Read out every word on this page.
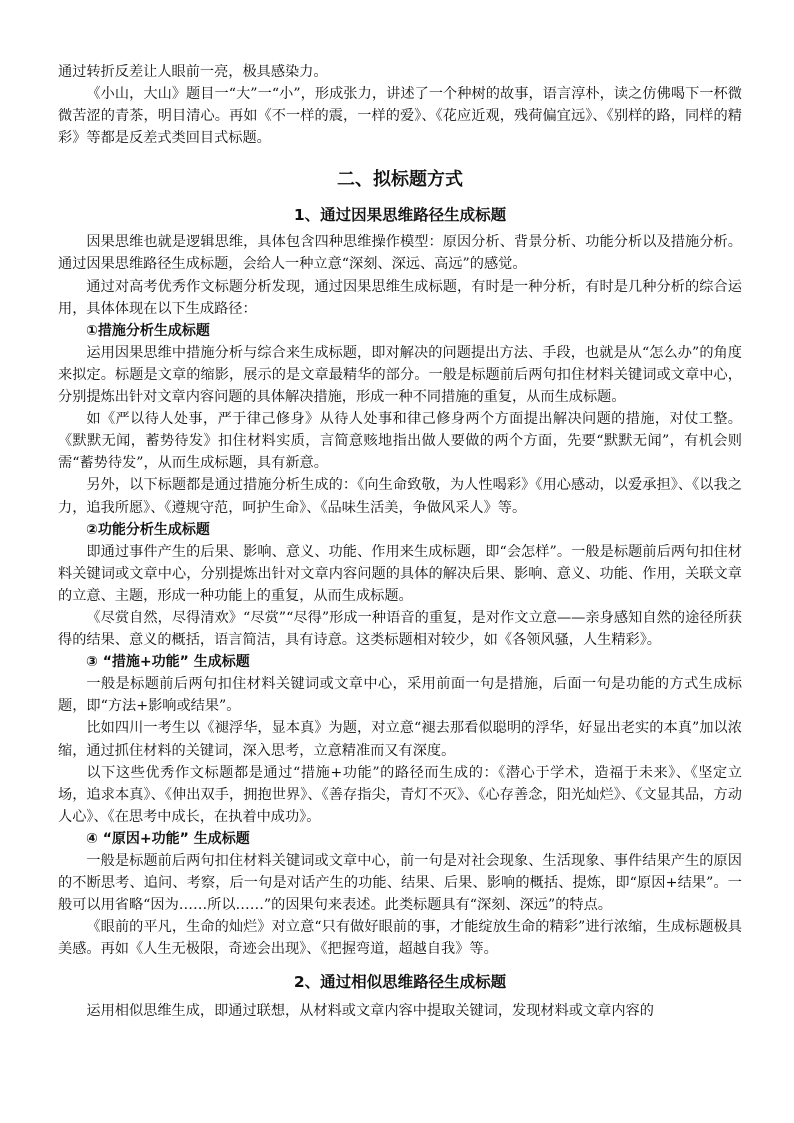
通过转折反差让人眼前一亮，极具感染力。

《小山，大山》题目一“大”一“小”，形成张力，讲述了一个种树的故事，语言淳朴，读之仿佛喝下一杯微微苦涩的青茶，明目清心。再如《不一样的震，一样的爱》、《花应近观，残荷偏宜远》、《别样的路，同样的精彩》等都是反差式类回目式标题。

二、拟标题方式
1、通过因果思维路径生成标题

因果思维也就是逻辑思维，具体包含四种思维操作模型：原因分析、背景分析、功能分析以及措施分析。通过因果思维路径生成标题，会给人一种立意“深刻、深远、高远”的感觉。

通过对高考优秀作文标题分析发现，通过因果思维生成标题，有时是一种分析，有时是几种分析的综合运用，具体体现在以下生成路径：

①措施分析生成标题

运用因果思维中措施分析与综合来生成标题，即对解决的问题提出方法、手段，也就是从“怎么办”的角度来拟定。标题是文章的缩影，展示的是文章最精华的部分。一般是标题前后两句扣住材料关键词或文章中心，分别提炼出针对文章内容问题的具体解决措施，形成一种不同措施的重复，从而生成标题。

如《严以待人处事，严于律己修身》从待人处事和律己修身两个方面提出解决问题的措施，对仗工整。《默默无闻，蓄势待发》扣住材料实质，言简意赅地指出做人要做的两个方面，先要“默默无闻”，有机会则需“蓄势待发”，从而生成标题，具有新意。

另外，以下标题都是通过措施分析生成的：《向生命致敬，为人性喝彩》《用心感动，以爱承担》、《以我之力，追我所愿》、《遵规守范，呵护生命》、《品味生活美，争做风采人》等。

②功能分析生成标题

即通过事件产生的后果、影响、意义、功能、作用来生成标题，即“会怎样”。一般是标题前后两句扣住材料关键词或文章中心，分别提炼出针对文章内容问题的具体的解决后果、影响、意义、功能、作用，关联文章的立意、主题，形成一种功能上的重复，从而生成标题。

《尽赏自然，尽得清欢》“尽赏”“尽得”形成一种语音的重复，是对作文立意——亲身感知自然的途径所获得的结果、意义的概括，语言简洁，具有诗意。这类标题相对较少，如《各领风骚，人生精彩》。

③ “措施+功能” 生成标题

一般是标题前后两句扣住材料关键词或文章中心，采用前面一句是措施，后面一句是功能的方式生成标题，即“方法+影响或结果”。

比如四川一考生以《褪浮华，显本真》为题，对立意“褪去那看似聪明的浮华，好显出老实的本真”加以浓缩，通过抓住材料的关键词，深入思考，立意精准而又有深度。

以下这些优秀作文标题都是通过“措施+功能”的路径而生成的：《潜心于学术，造福于未来》、《坚定立场，追求本真》、《伸出双手，拥抱世界》、《善存指尖，青灯不灭》、《心存善念，阳光灿烂》、《文显其品，方动人心》、《在思考中成长，在执着中成功》。

④ “原因+功能” 生成标题

一般是标题前后两句扣住材料关键词或文章中心，前一句是对社会现象、生活现象、事件结果产生的原因的不断思考、追问、考察，后一句是对话产生的功能、结果、后果、影响的概括、提炼，即“原因+结果”。一般可以用省略“因为……所以……”的因果句来表述。此类标题具有“深刻、深远”的特点。

《眼前的平凡，生命的灿烂》对立意“只有做好眼前的事，才能绽放生命的精彩”进行浓缩，生成标题极具美感。再如《人生无极限，奇迹会出现》、《把握弯道，超越自我》等。

2、通过相似思维路径生成标题

运用相似思维生成，即通过联想，从材料或文章内容中提取关键词，发现材料或文章内容的
